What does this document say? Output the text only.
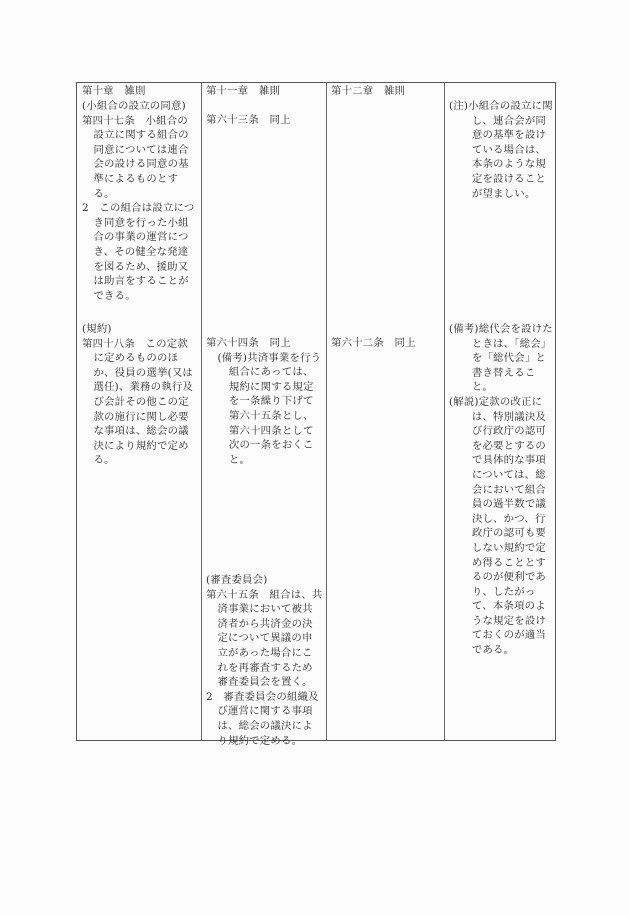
第十章　雑則

(小組合の設立の同意)

第四十七条　小組合の設立に関する組合の同意については連合会の設ける同意の基準によるものとする。

2　この組合は設立につき同意を行った小組合の事業の運営につき、その健全な発達を図るため、援助又は助言をすることができる。

(規約)

第四十八条　この定款に定めるもののほか、役員の選挙(又は選任)、業務の執行及び会計その他この定款の施行に関し必要な事項は、総会の議決により規約で定める。

第十一章　雑則

第六十三条　同上

第六十四条　同上

(備考)共済事業を行う組合にあっては、規約に関する規定を一条繰り下げて第六十五条とし、第六十四条として次の一条をおくこと。

(審査委員会)

第六十五条　組合は、共済事業において被共済者から共済金の決定について異議の申立があった場合にこれを再審査するため審査委員会を置く。

2　審査委員会の組織及び運営に関する事項は、総会の議決により規約で定める。

第十二章　雑則

第六十二条　同上

(注)小組合の設立に関し、連合会が同意の基準を設けている場合は、本条のような規定を設けることが望ましい。

(備考)総代会を設けたときは、「総会」を「総代会」と書き替えること。

(解説)定款の改正には、特別議決及び行政庁の認可を必要とするので具体的な事項については、総会において組合員の過半数で議決し、かつ、行政庁の認可も要しない規約で定め得ることとするのが便利であり、したがって、本条項のような規定を設けておくのが適当である。
